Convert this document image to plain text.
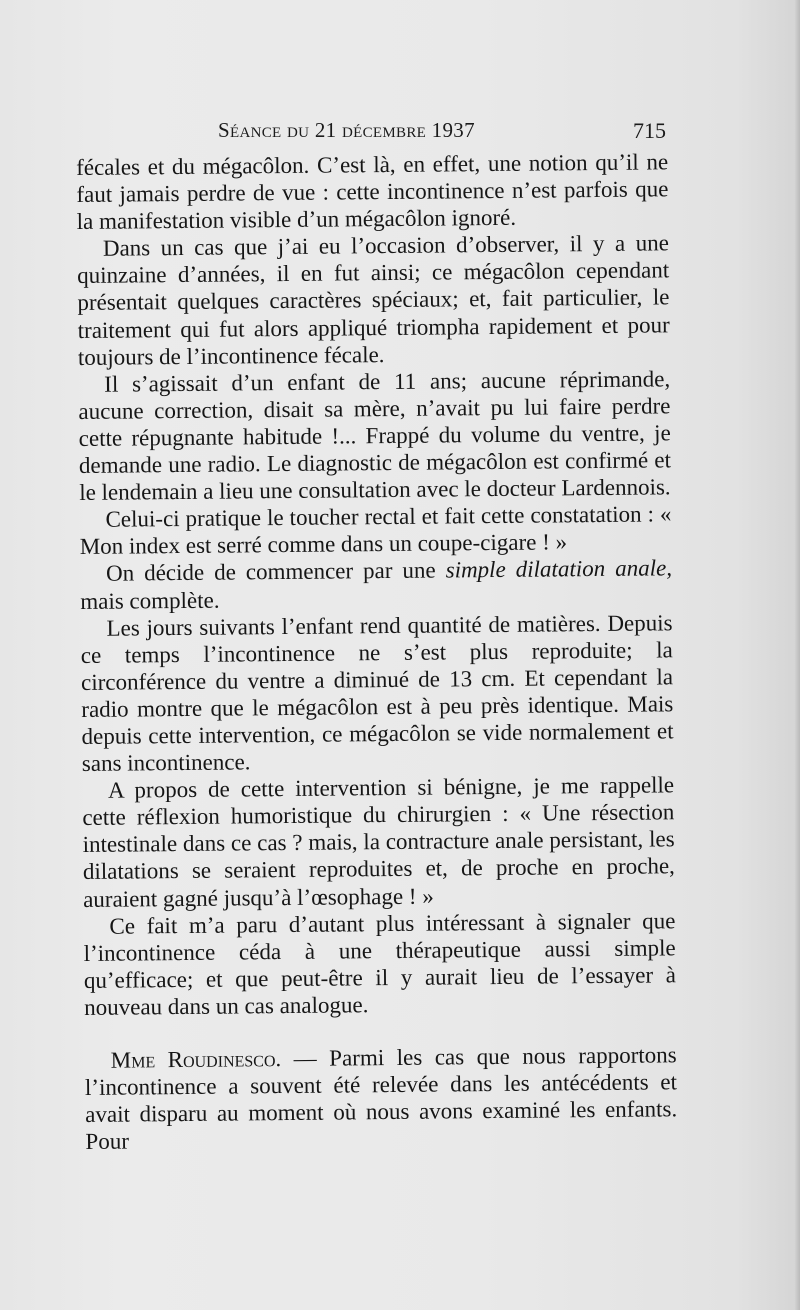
Séance du 21 décembre 1937	715

fécales et du mégacôlon. C’est là, en effet, une notion qu’il ne faut jamais perdre de vue : cette incontinence n’est parfois que la manifestation visible d’un mégacôlon ignoré.

Dans un cas que j’ai eu l’occasion d’observer, il y a une quinzaine d’années, il en fut ainsi; ce mégacôlon cependant présentait quelques caractères spéciaux; et, fait particulier, le traitement qui fut alors appliqué triompha rapidement et pour toujours de l’incontinence fécale.

Il s’agissait d’un enfant de 11 ans; aucune réprimande, aucune correction, disait sa mère, n’avait pu lui faire perdre cette répugnante habitude !... Frappé du volume du ventre, je demande une radio. Le diagnostic de mégacôlon est confirmé et le lendemain a lieu une consultation avec le docteur Lardennois.

Celui-ci pratique le toucher rectal et fait cette constatation : « Mon index est serré comme dans un coupe-cigare ! »

On décide de commencer par une simple dilatation anale, mais complète.

Les jours suivants l’enfant rend quantité de matières. Depuis ce temps l’incontinence ne s’est plus reproduite; la circonférence du ventre a diminué de 13 cm. Et cependant la radio montre que le mégacôlon est à peu près identique. Mais depuis cette intervention, ce mégacôlon se vide normalement et sans incontinence.

A propos de cette intervention si bénigne, je me rappelle cette réflexion humoristique du chirurgien : « Une résection intestinale dans ce cas ? mais, la contracture anale persistant, les dilatations se seraient reproduites et, de proche en proche, auraient gagné jusqu’à l’œsophage ! »

Ce fait m’a paru d’autant plus intéressant à signaler que l’incontinence céda à une thérapeutique aussi simple qu’efficace; et que peut-être il y aurait lieu de l’essayer à nouveau dans un cas analogue.

Mme Roudinesco. — Parmi les cas que nous rapportons l’incontinence a souvent été relevée dans les antécédents et avait disparu au moment où nous avons examiné les enfants. Pour
